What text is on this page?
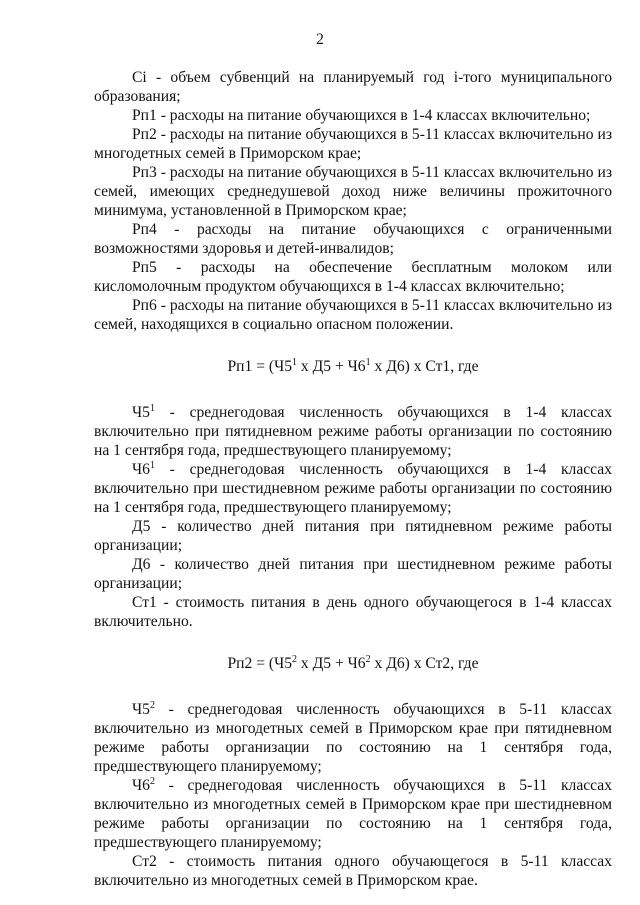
2

Сi - объем субвенций на планируемый год i-того муниципального образования;

Рп1 - расходы на питание обучающихся в 1-4 классах включительно;

Рп2 - расходы на питание обучающихся в 5-11 классах включительно из многодетных семей в Приморском крае;

Рп3 - расходы на питание обучающихся в 5-11 классах включительно из семей, имеющих среднедушевой доход ниже величины прожиточного минимума, установленной в Приморском крае;

Рп4 - расходы на питание обучающихся с ограниченными возможностями здоровья и детей-инвалидов;

Рп5 - расходы на обеспечение бесплатным молоком или кисломолочным продуктом обучающихся в 1-4 классах включительно;

Рп6 - расходы на питание обучающихся в 5-11 классах включительно из семей, находящихся в социально опасном положении.

$Рп1 = (Ч5^1$ х $Д5 + Ч6^1$ х Д6) х Ст1, где

$Ч5^1$ - среднегодовая численность обучающихся в 1-4 классах включительно при пятидневном режиме работы организации по состоянию на 1 сентября года, предшествующего планируемому;

$Ч6^1$ - среднегодовая численность обучающихся в 1-4 классах включительно при шестидневном режиме работы организации по состоянию на 1 сентября года, предшествующего планируемому;

Д5 - количество дней питания при пятидневном режиме работы организации;

Д6 - количество дней питания при шестидневном режиме работы организации;

Ст1 - стоимость питания в день одного обучающегося в 1-4 классах включительно.

$Рп2 = (Ч5^2$ х $Д5 + Ч6^2$ х Д6) х Ст2, где

$Ч5^2$ - среднегодовая численность обучающихся в 5-11 классах включительно из многодетных семей в Приморском крае при пятидневном режиме работы организации по состоянию на 1 сентября года, предшествующего планируемому;

$Ч6^2$ - среднегодовая численность обучающихся в 5-11 классах включительно из многодетных семей в Приморском крае при шестидневном режиме работы организации по состоянию на 1 сентября года, предшествующего планируемому;

Ст2 - стоимость питания одного обучающегося в 5-11 классах включительно из многодетных семей в Приморском крае.
